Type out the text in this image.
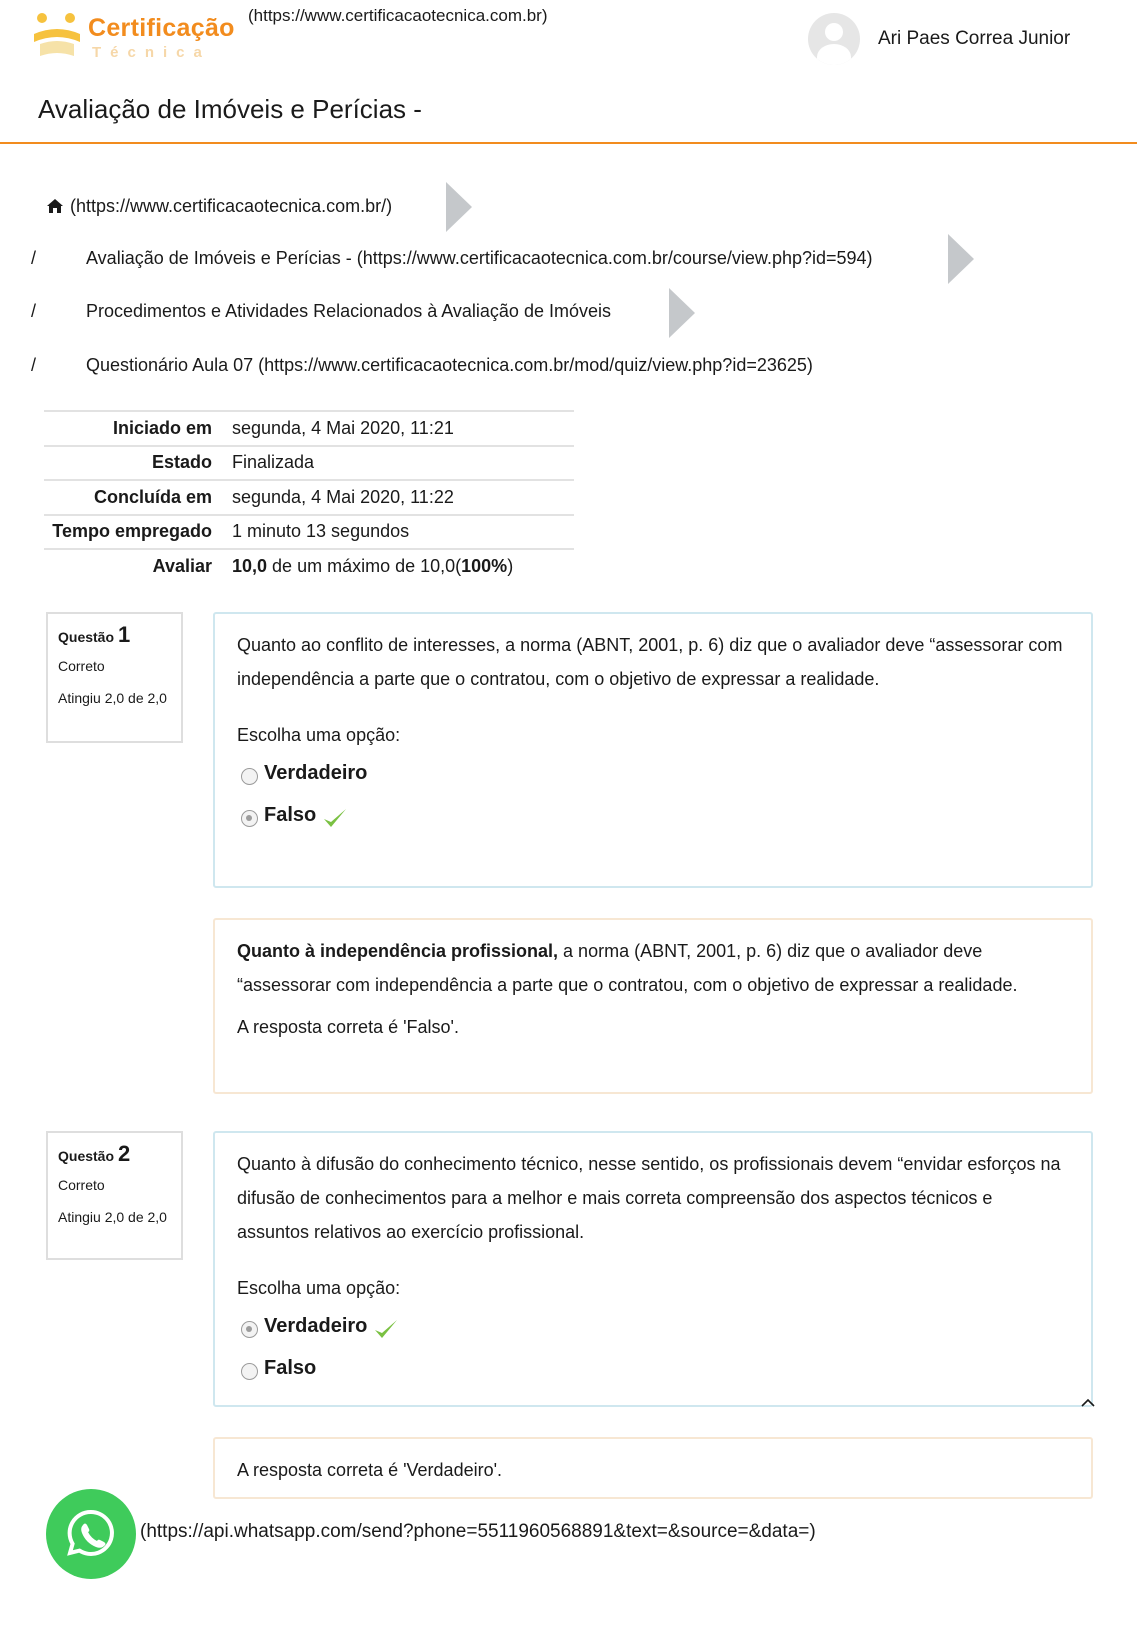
Certificação
Técnica
(https://www.certificacaotecnica.com.br)
Ari Paes Correa Junior
Avaliação de Imóveis e Perícias -
(https://www.certificacaotecnica.com.br/)
/	Avaliação de Imóveis e Perícias - (https://www.certificacaotecnica.com.br/course/view.php?id=594)
/	Procedimentos e Atividades Relacionados à Avaliação de Imóveis
/	Questionário Aula 07 (https://www.certificacaotecnica.com.br/mod/quiz/view.php?id=23625)
Iniciado em	segunda, 4 Mai 2020, 11:21
Estado	Finalizada
Concluída em	segunda, 4 Mai 2020, 11:22
Tempo empregado	1 minuto 13 segundos
Avaliar	10,0 de um máximo de 10,0(100%)
Questão 1
Correto
Atingiu 2,0 de 2,0
Quanto ao conflito de interesses, a norma (ABNT, 2001, p. 6) diz que o avaliador deve “assessorar com independência a parte que o contratou, com o objetivo de expressar a realidade.
Escolha uma opção:
Verdadeiro
Falso
Quanto à independência profissional, a norma (ABNT, 2001, p. 6) diz que o avaliador deve “assessorar com independência a parte que o contratou, com o objetivo de expressar a realidade.
A resposta correta é 'Falso'.
Questão 2
Correto
Atingiu 2,0 de 2,0
Quanto à difusão do conhecimento técnico, nesse sentido, os profissionais devem “envidar esforços na difusão de conhecimentos para a melhor e mais correta compreensão dos aspectos técnicos e assuntos relativos ao exercício profissional.
Escolha uma opção:
Verdadeiro
Falso
A resposta correta é 'Verdadeiro'.
(https://api.whatsapp.com/send?phone=5511960568891&text=&source=&data=)
